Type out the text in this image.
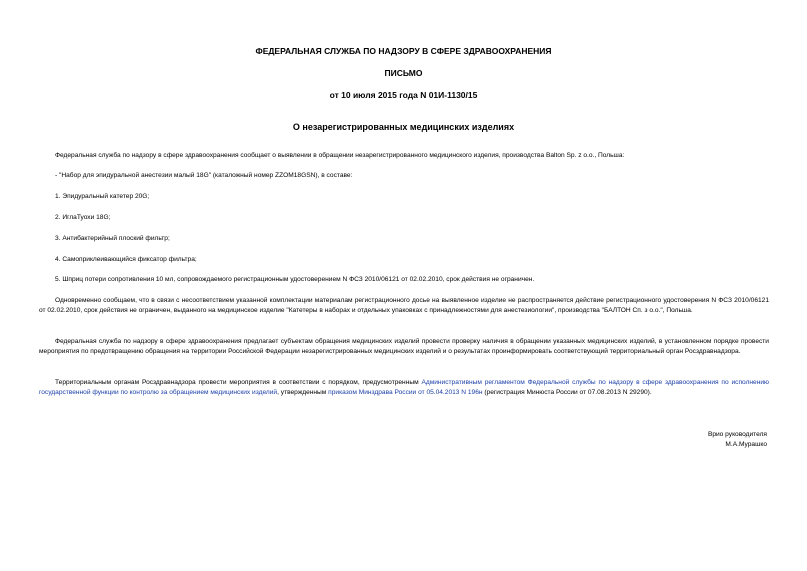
ФЕДЕРАЛЬНАЯ СЛУЖБА ПО НАДЗОРУ В СФЕРЕ ЗДРАВООХРАНЕНИЯ
ПИСЬМО
от 10 июля 2015 года N 01И-1130/15
О незарегистрированных медицинских изделиях
Федеральная служба по надзору в сфере здравоохранения сообщает о выявлении в обращении незарегистрированного медицинского изделия, производства Balton Sp. z o.o., Польша:
- "Набор для эпидуральной анестезии малый 18G" (каталожный номер ZZOM18GSN), в составе:
1. Эпидуральный катетер 20G;
2. ИглаТуохи 18G;
3. Антибактерийный плоский фильтр;
4. Самоприклеивающийся фиксатор фильтра;
5. Шприц потери сопротивления 10 мл, сопровождаемого регистрационным удостоверением N ФСЗ 2010/06121 от 02.02.2010, срок действия не ограничен.
Одновременно сообщаем, что в связи с несоответствием указанной комплектации материалам регистрационного досье на выявленное изделие не распространяется действие регистрационного удостоверения N ФСЗ 2010/06121 от 02.02.2010, срок действия не ограничен, выданного на медицинское изделие "Катетеры в наборах и отдельных упаковках с принадлежностями для анестезиологии", производства "БАЛТОН Сп. з о.о.", Польша.
Федеральная служба по надзору в сфере здравоохранения предлагает субъектам обращения медицинских изделий провести проверку наличия в обращении указанных медицинских изделий, в установленном порядке провести мероприятия по предотвращению обращения на территории Российской Федерации незарегистрированных медицинских изделий и о результатах проинформировать соответствующий территориальный орган Росздравнадзора.
Территориальным органам Росздравнадзора провести мероприятия в соответствии с порядком, предусмотренным Административным регламентом Федеральной службы по надзору в сфере здравоохранения по исполнению государственной функции по контролю за обращением медицинских изделий, утвержденным приказом Минздрава России от 05.04.2013 N 196н (регистрация Минюста России от 07.08.2013 N 29290).
Врио руководителя
М.А.Мурашко
